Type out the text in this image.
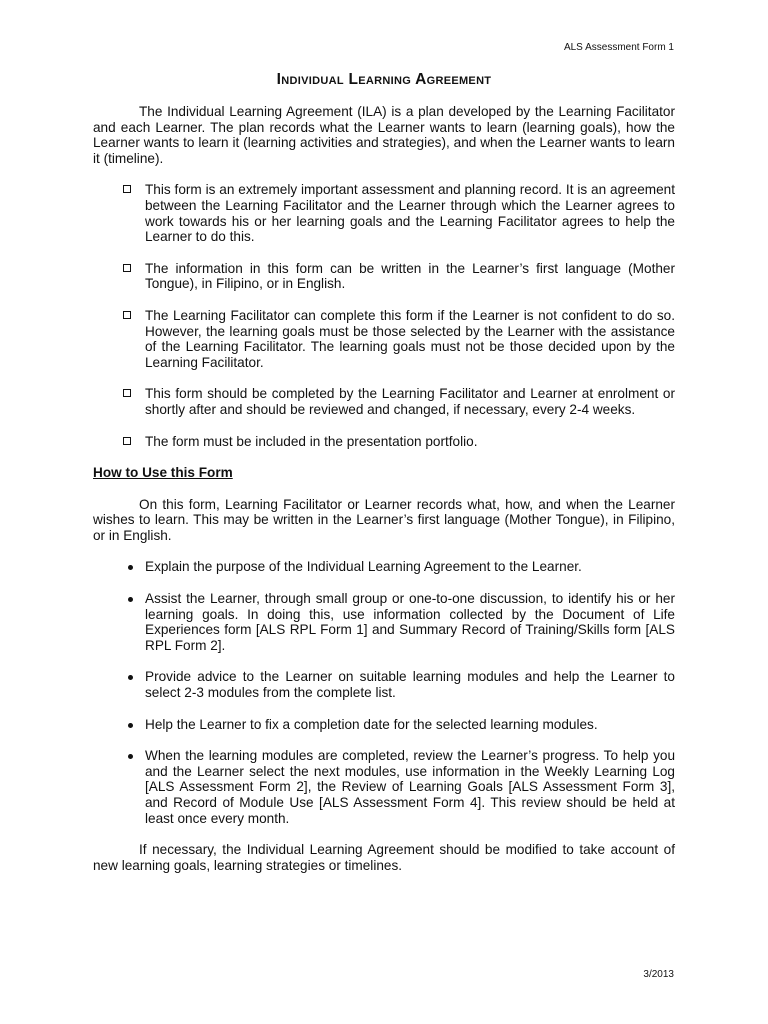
ALS Assessment Form 1
Individual Learning Agreement

The Individual Learning Agreement (ILA) is a plan developed by the Learning Facilitator and each Learner. The plan records what the Learner wants to learn (learning goals), how the Learner wants to learn it (learning activities and strategies), and when the Learner wants to learn it (timeline).

This form is an extremely important assessment and planning record. It is an agreement between the Learning Facilitator and the Learner through which the Learner agrees to work towards his or her learning goals and the Learning Facilitator agrees to help the Learner to do this.
The information in this form can be written in the Learner’s first language (Mother Tongue), in Filipino, or in English.
The Learning Facilitator can complete this form if the Learner is not confident to do so. However, the learning goals must be those selected by the Learner with the assistance of the Learning Facilitator. The learning goals must not be those decided upon by the Learning Facilitator.
This form should be completed by the Learning Facilitator and Learner at enrolment or shortly after and should be reviewed and changed, if necessary, every 2-4 weeks.
The form must be included in the presentation portfolio.
How to Use this Form

On this form, Learning Facilitator or Learner records what, how, and when the Learner wishes to learn. This may be written in the Learner’s first language (Mother Tongue), in Filipino, or in English.

Explain the purpose of the Individual Learning Agreement to the Learner.
Assist the Learner, through small group or one-to-one discussion, to identify his or her learning goals. In doing this, use information collected by the Document of Life Experiences form [ALS RPL Form 1] and Summary Record of Training/Skills form [ALS RPL Form 2].
Provide advice to the Learner on suitable learning modules and help the Learner to select 2-3 modules from the complete list.
Help the Learner to fix a completion date for the selected learning modules.
When the learning modules are completed, review the Learner’s progress. To help you and the Learner select the next modules, use information in the Weekly Learning Log [ALS Assessment Form 2], the Review of Learning Goals [ALS Assessment Form 3], and Record of Module Use [ALS Assessment Form 4]. This review should be held at least once every month.

If necessary, the Individual Learning Agreement should be modified to take account of new learning goals, learning strategies or timelines.

3/2013
